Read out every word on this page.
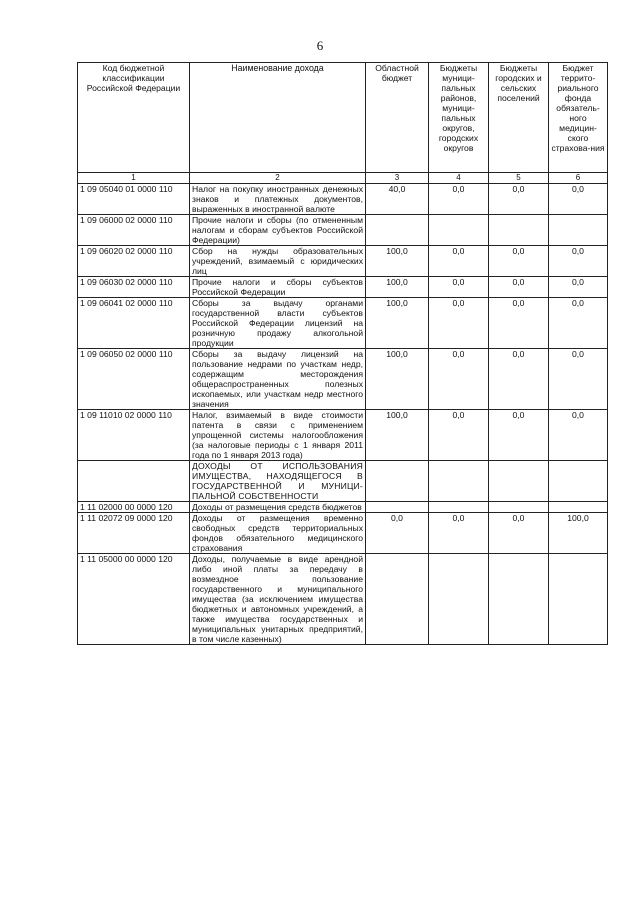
6
Код бюджетной классификации Российской Федерации	Наименование дохода	Областной бюджет	Бюджеты муници-пальных районов, муници-пальных округов, городских округов	Бюджеты городских и сельских поселений	Бюджет террито-риального фонда обязатель-ного медицин-ского страхова-ния
1	2	3	4	5	6
1 09 05040 01 0000 110	Налог на покупку иностранных денежных знаков и платежных документов, выраженных в иностранной валюте	40,0	0,0	0,0	0,0
1 09 06000 02 0000 110	Прочие налоги и сборы (по отмененным налогам и сборам субъектов Российской Федерации)				
1 09 06020 02 0000 110	Сбор на нужды образовательных учреждений, взимаемый с юридических лиц	100,0	0,0	0,0	0,0
1 09 06030 02 0000 110	Прочие налоги и сборы субъектов Российской Федерации	100,0	0,0	0,0	0,0
1 09 06041 02 0000 110	Сборы за выдачу органами государственной власти субъектов Российской Федерации лицензий на розничную продажу алкогольной продукции	100,0	0,0	0,0	0,0
1 09 06050 02 0000 110	Сборы за выдачу лицензий на пользование недрами по участкам недр, содержащим месторождения общераспространенных полезных ископаемых, или участкам недр местного значения	100,0	0,0	0,0	0,0
1 09 11010 02 0000 110	Налог, взимаемый в виде стоимости патента в связи с применением упрощенной системы налогообложения (за налоговые периоды с 1 января 2011 года по 1 января 2013 года)	100,0	0,0	0,0	0,0
	ДОХОДЫ ОТ ИСПОЛЬЗОВАНИЯ ИМУЩЕСТВА, НАХОДЯЩЕГОСЯ В ГОСУДАРСТВЕННОЙ И МУНИЦИ-ПАЛЬНОЙ СОБСТВЕННОСТИ				
1 11 02000 00 0000 120	Доходы от размещения средств бюджетов				
1 11 02072 09 0000 120	Доходы от размещения временно свободных средств территориальных фондов обязательного медицинского страхования	0,0	0,0	0,0	100,0
1 11 05000 00 0000 120	Доходы, получаемые в виде арендной либо иной платы за передачу в возмездное пользование государственного и муниципального имущества (за исключением имущества бюджетных и автономных учреждений, а также имущества государственных и муниципальных унитарных предприятий, в том числе казенных)				
